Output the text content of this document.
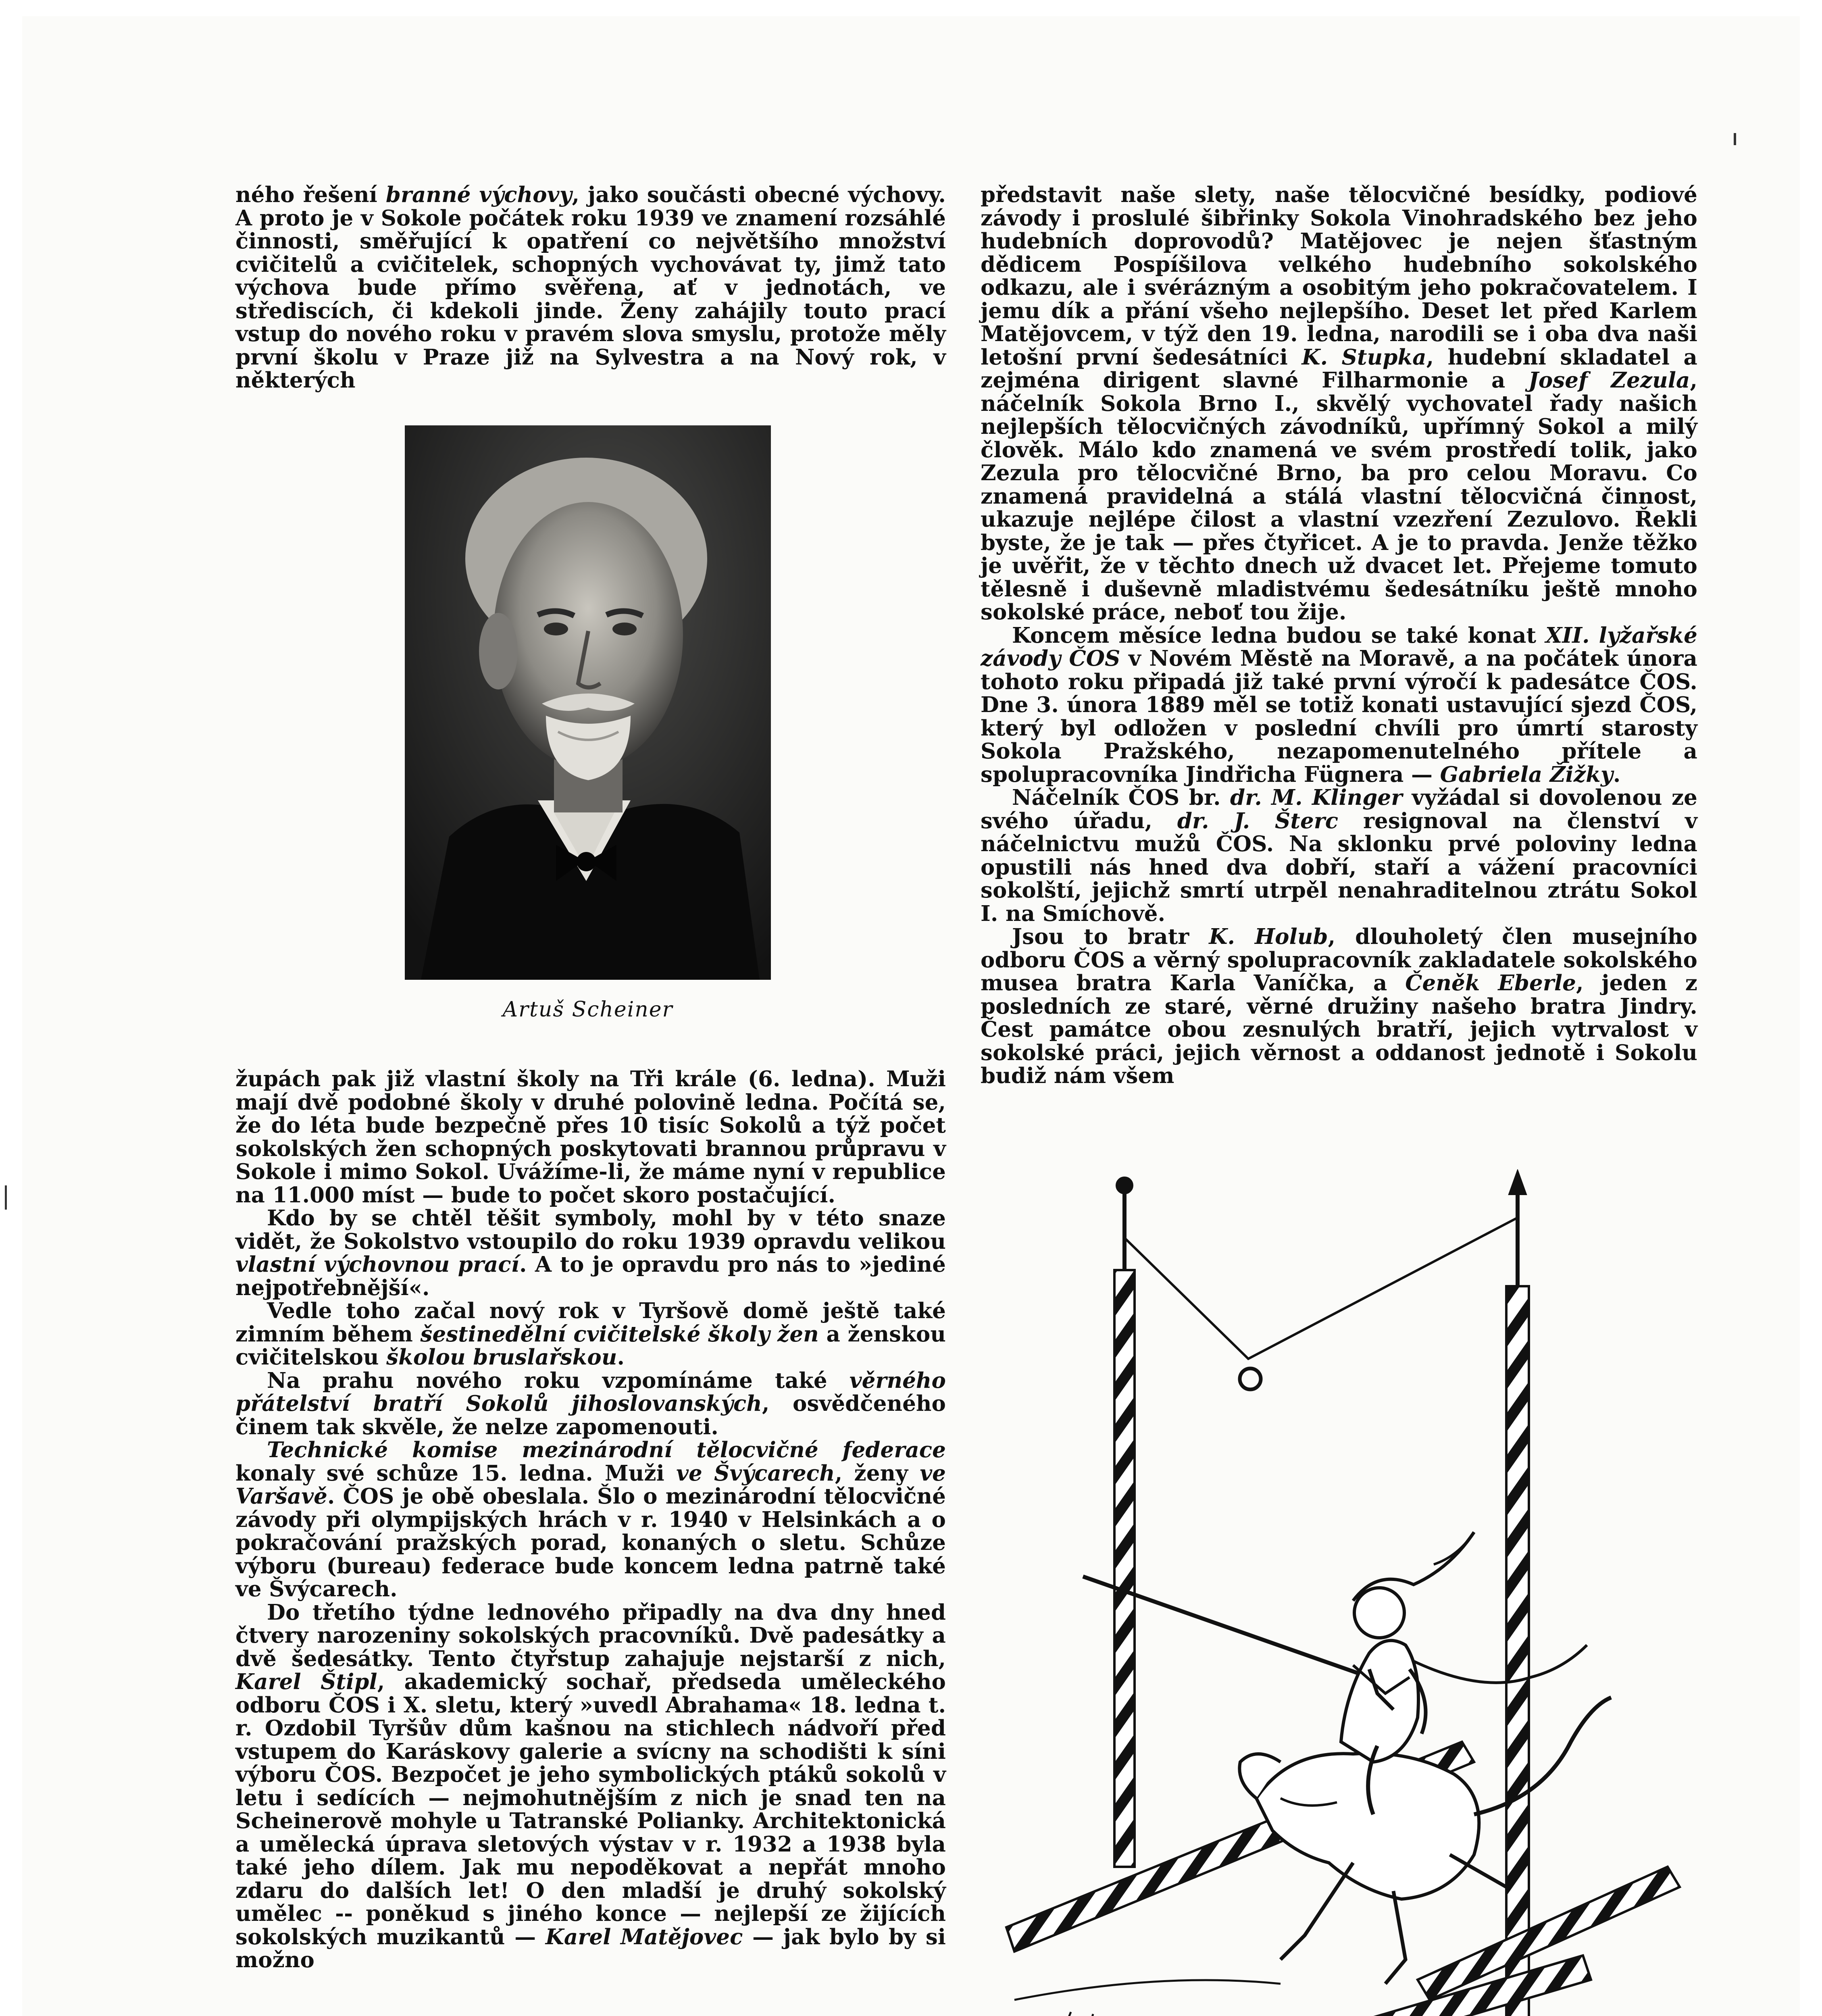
ného řešení branné výchovy, jako součásti obecné výchovy. A proto je v Sokole počátek roku 1939 ve znamení rozsáhlé činnosti, směřující k opatření co největšího množství cvičitelů a cvičitelek, schopných vychovávat ty, jimž tato výchova bude přímo svěřena, ať v jednotách, ve střediscích, či kdekoli jinde. Ženy zahájily touto prací vstup do nového roku v pravém slova smyslu, protože měly první školu v Praze již na Sylvestra a na Nový rok, v některých

Artuš Scheiner

župách pak již vlastní školy na Tři krále (6. ledna). Muži mají dvě podobné školy v druhé polovině ledna. Počítá se, že do léta bude bezpečně přes 10 tisíc Sokolů a týž počet sokolských žen schopných poskytovati brannou průpravu v Sokole i mimo Sokol. Uvážíme-li, že máme nyní v republice na 11.000 míst — bude to počet skoro postačující.

Kdo by se chtěl těšit symboly, mohl by v této snaze vidět, že Sokolstvo vstoupilo do roku 1939 opravdu velikou vlastní výchovnou prací. A to je opravdu pro nás to »jediné nejpotřebnější«.

Vedle toho začal nový rok v Tyršově domě ještě také zimním během šestinedělní cvičitelské školy žen a ženskou cvičitelskou školou bruslařskou.

Na prahu nového roku vzpomínáme také věrného přátelství bratří Sokolů jihoslovanských, osvědčeného činem tak skvěle, že nelze zapomenouti.

Technické komise mezinárodní tělocvičné federace konaly své schůze 15. ledna. Muži ve Švýcarech, ženy ve Varšavě. ČOS je obě obeslala. Šlo o mezinárodní tělocvičné závody při olympijských hrách v r. 1940 v Helsinkách a o pokračování pražských porad, konaných o sletu. Schůze výboru (bureau) federace bude koncem ledna patrně také ve Švýcarech.

Do třetího týdne lednového připadly na dva dny hned čtvery narozeniny sokolských pracovníků. Dvě padesátky a dvě šedesátky. Tento čtyřstup zahajuje nejstarší z nich, Karel Štipl, akademický sochař, předseda uměleckého odboru ČOS i X. sletu, který »uvedl Abrahama« 18. ledna t. r. Ozdobil Tyršův dům kašnou na stichlech nádvoří před vstupem do Karáskovy galerie a svícny na schodišti k síni výboru ČOS. Bezpočet je jeho symbolických ptáků sokolů v letu i sedících — nejmohutnějším z nich je snad ten na Scheinerově mohyle u Tatranské Polianky. Architektonická a umělecká úprava sletových výstav v r. 1932 a 1938 byla také jeho dílem. Jak mu nepoděkovat a nepřát mnoho zdaru do dalších let! O den mladší je druhý sokolský umělec -- poněkud s jiného konce — nejlepší ze žijících sokolských muzikantů — Karel Matějovec — jak bylo by si možno

představit naše slety, naše tělocvičné besídky, podiové závody i proslulé šibřinky Sokola Vinohradského bez jeho hudebních doprovodů? Matějovec je nejen šťastným dědicem Pospíšilova velkého hudebního sokolského odkazu, ale i svérázným a osobitým jeho pokračovatelem. I jemu dík a přání všeho nejlepšího. Deset let před Karlem Matějovcem, v týž den 19. ledna, narodili se i oba dva naši letošní první šedesátníci K. Stupka, hudební skladatel a zejména dirigent slavné Filharmonie a Josef Zezula, náčelník Sokola Brno I., skvělý vychovatel řady našich nejlepších tělocvičných závodníků, upřímný Sokol a milý člověk. Málo kdo znamená ve svém prostředí tolik, jako Zezula pro tělocvičné Brno, ba pro celou Moravu. Co znamená pravidelná a stálá vlastní tělocvičná činnost, ukazuje nejlépe čilost a vlastní vzezření Zezulovo. Řekli byste, že je tak — přes čtyřicet. A je to pravda. Jenže těžko je uvěřit, že v těchto dnech už dvacet let. Přejeme tomuto tělesně i duševně mladistvému šedesátníku ještě mnoho sokolské práce, neboť tou žije.

Koncem měsíce ledna budou se také konat XII. lyžařské závody ČOS v Novém Městě na Moravě, a na počátek února tohoto roku připadá již také první výročí k padesátce ČOS. Dne 3. února 1889 měl se totiž konati ustavující sjezd ČOS, který byl odložen v poslední chvíli pro úmrtí starosty Sokola Pražského, nezapomenutelného přítele a spolupracovníka Jindřicha Fügnera — Gabriela Žižky.

Náčelník ČOS br. dr. M. Klinger vyžádal si dovolenou ze svého úřadu, dr. J. Šterc resignoval na členství v náčelnictvu mužů ČOS. Na sklonku prvé poloviny ledna opustili nás hned dva dobří, staří a vážení pracovníci sokolští, jejichž smrtí utrpěl nenahraditelnou ztrátu Sokol I. na Smíchově.

Jsou to bratr K. Holub, dlouholetý člen musejního odboru ČOS a věrný spolupracovník zakladatele sokolského musea bratra Karla Vaníčka, a Čeněk Eberle, jeden z posledních ze staré, věrné družiny našeho bratra Jindry. Čest památce obou zesnulých bratří, jejich vytrvalost v sokolské práci, jejich věrnost a oddanost jednotě i Sokolu budiž nám všem
